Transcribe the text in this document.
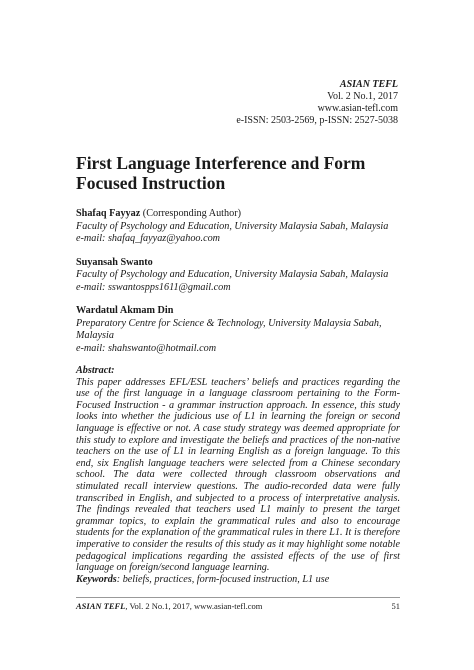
ASIAN TEFL
Vol. 2 No.1, 2017
www.asian-tefl.com
e-ISSN: 2503-2569, p-ISSN: 2527-5038
First Language Interference and Form Focused Instruction
Shafaq Fayyaz (Corresponding Author)
Faculty of Psychology and Education, University Malaysia Sabah, Malaysia
e-mail: shafaq_fayyaz@yahoo.com
Suyansah Swanto
Faculty of Psychology and Education, University Malaysia Sabah, Malaysia
e-mail: sswantospps1611@gmail.com
Wardatul Akmam Din
Preparatory Centre for Science & Technology, University Malaysia Sabah, Malaysia
e-mail: shahswanto@hotmail.com
Abstract:
This paper addresses EFL/ESL teachers’ beliefs and practices regarding the use of the first language in a language classroom pertaining to the Form-Focused Instruction - a grammar instruction approach. In essence, this study looks into whether the judicious use of L1 in learning the foreign or second language is effective or not. A case study strategy was deemed appropriate for this study to explore and investigate the beliefs and practices of the non-native teachers on the use of L1 in learning English as a foreign language. To this end, six English language teachers were selected from a Chinese secondary school. The data were collected through classroom observations and stimulated recall interview questions. The audio-recorded data were fully transcribed in English, and subjected to a process of interpretative analysis. The findings revealed that teachers used L1 mainly to present the target grammar topics, to explain the grammatical rules and also to encourage students for the explanation of the grammatical rules in there L1. It is therefore imperative to consider the results of this study as it may highlight some notable pedagogical implications regarding the assisted effects of the use of first language on foreign/second language learning.
Keywords: beliefs, practices, form-focused instruction, L1 use
ASIAN TEFL, Vol. 2 No.1, 2017, www.asian-tefl.com	51
